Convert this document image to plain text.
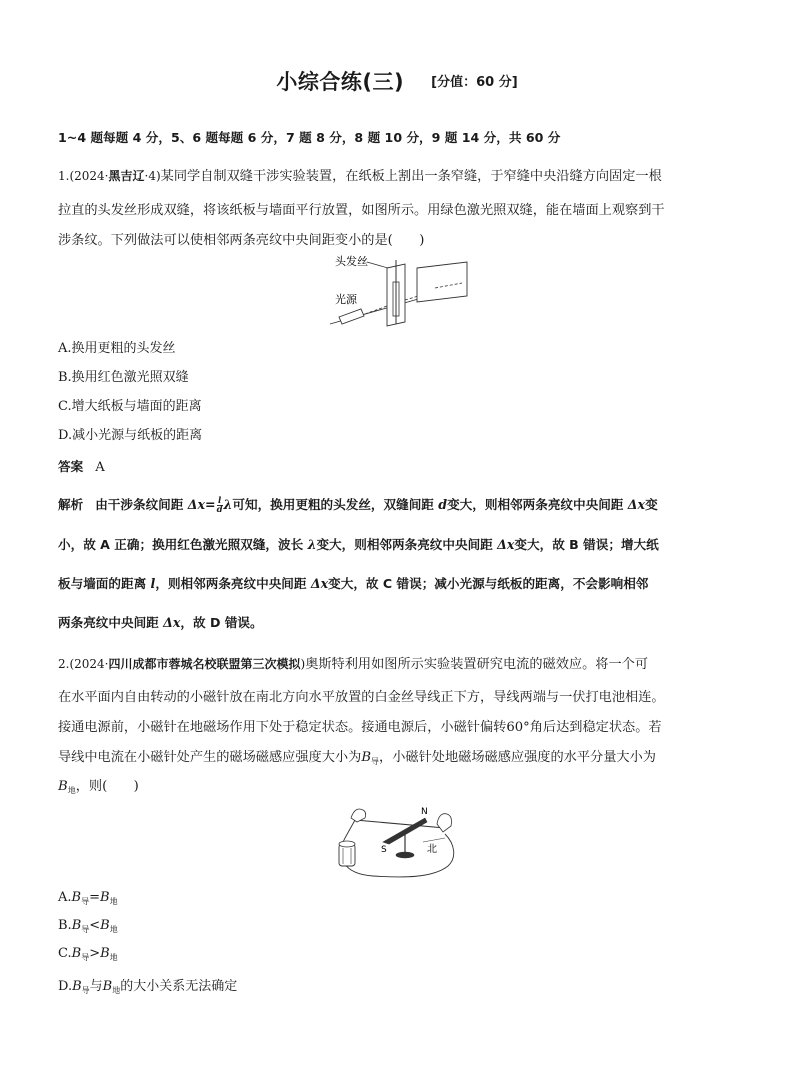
小综合练(三) [分值：60 分]
1~4 题每题 4 分，5、6 题每题 6 分，7 题 8 分，8 题 10 分，9 题 14 分，共 60 分
1.(2024·黑吉辽·4)某同学自制双缝干涉实验装置，在纸板上割出一条窄缝，于窄缝中央沿缝方向固定一根
拉直的头发丝形成双缝，将该纸板与墙面平行放置，如图所示。用绿色激光照双缝，能在墙面上观察到干
涉条纹。下列做法可以使相邻两条亮纹中央间距变小的是(　　)
头发丝
光源
A.换用更粗的头发丝
B.换用红色激光照双缝
C.增大纸板与墙面的距离
D.减小光源与纸板的距离
答案 A
解析 由干涉条纹间距 $\Delta x= \frac{l}{d}$ λ可知，换用更粗的头发丝，双缝间距 d变大，则相邻两条亮纹中央间距 Δx变
小，故 A 正确；换用红色激光照双缝，波长 λ变大，则相邻两条亮纹中央间距 Δx变大，故 B 错误；增大纸
板与墙面的距离 l，则相邻两条亮纹中央间距 Δx变大，故 C 错误；减小光源与纸板的距离，不会影响相邻
两条亮纹中央间距 Δx，故 D 错误。
2.(2024·四川成都市蓉城名校联盟第三次模拟)奥斯特利用如图所示实验装置研究电流的磁效应。将一个可
在水平面内自由转动的小磁针放在南北方向水平放置的白金丝导线正下方，导线两端与一伏打电池相连。
接通电源前，小磁针在地磁场作用下处于稳定状态。接通电源后，小磁针偏转60°角后达到稳定状态。若
导线中电流在小磁针处产生的磁场磁感应强度大小为$B_导$，小磁针处地磁场磁感应强度的水平分量大小为
$B_地$，则(　　)
N
S	北
$A.B_导=B_地$
$B.B_导<B_地$
$C.B_导>B_地$
$D.B_导$与$B_地$的大小关系无法确定
